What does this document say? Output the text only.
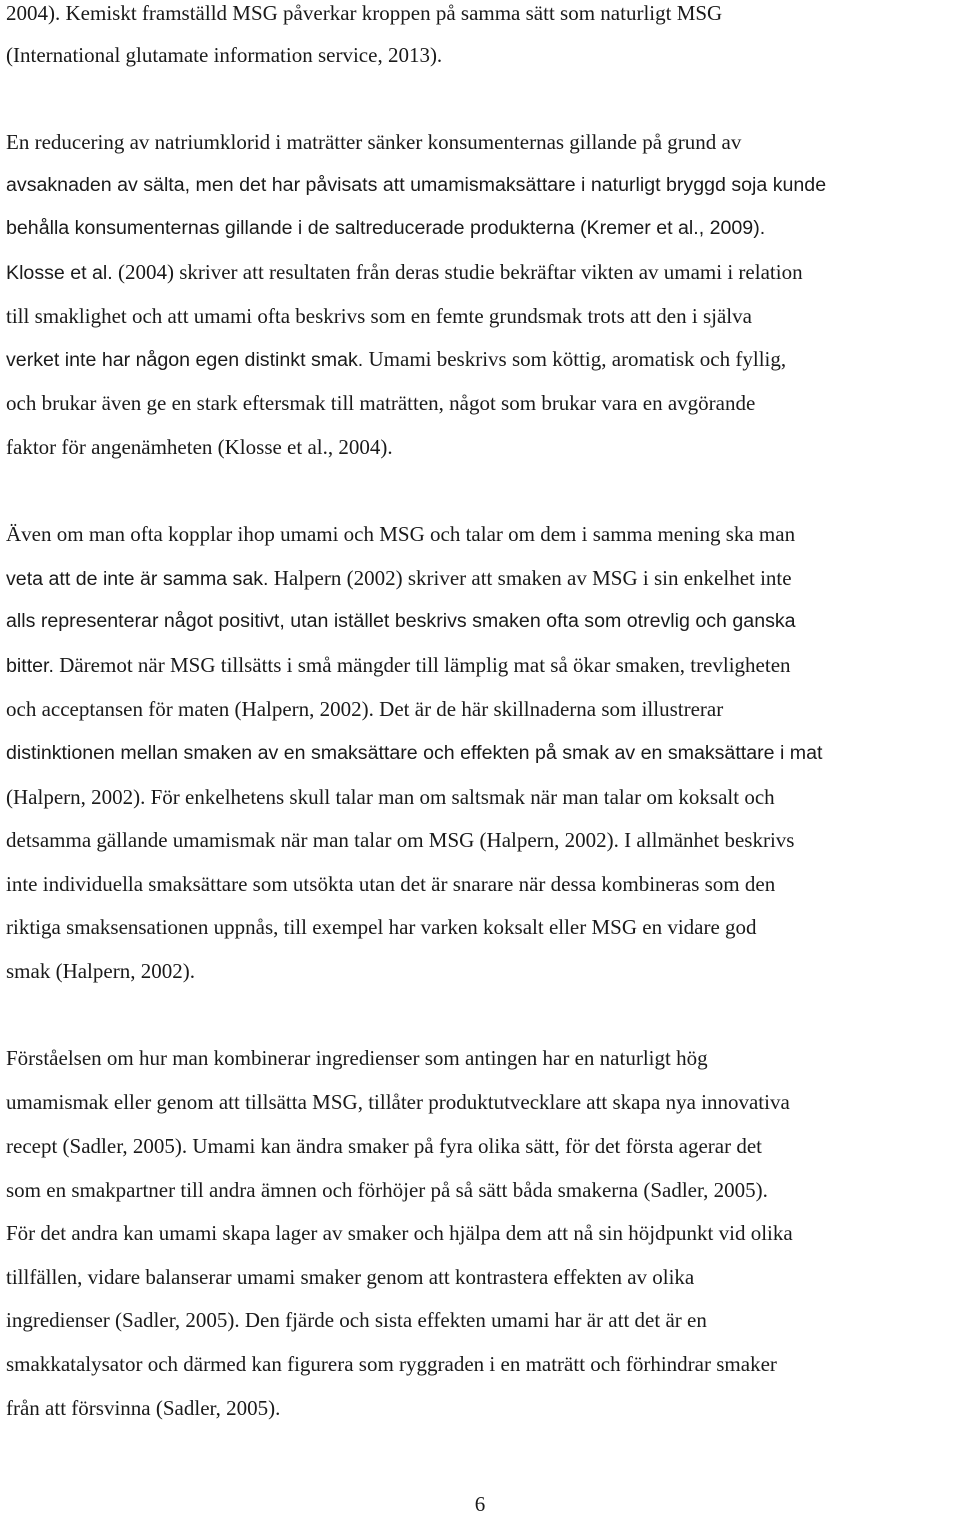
2004). Kemiskt framställd MSG påverkar kroppen på samma sätt som naturligt MSG
(International glutamate information service, 2013).
En reducering av natriumklorid i maträtter sänker konsumenternas gillande på grund av
avsaknaden av sälta, men det har påvisats att umamismaksättare i naturligt bryggd soja kunde
behålla konsumenternas gillande i de saltreducerade produkterna (Kremer et al., 2009).
Klosse et al. (2004) skriver att resultaten från deras studie bekräftar vikten av umami i relation
till smaklighet och att umami ofta beskrivs som en femte grundsmak trots att den i själva
verket inte har någon egen distinkt smak. Umami beskrivs som köttig, aromatisk och fyllig,
och brukar även ge en stark eftersmak till maträtten, något som brukar vara en avgörande
faktor för angenämheten (Klosse et al., 2004).
Även om man ofta kopplar ihop umami och MSG och talar om dem i samma mening ska man
veta att de inte är samma sak. Halpern (2002) skriver att smaken av MSG i sin enkelhet inte
alls representerar något positivt, utan istället beskrivs smaken ofta som otrevlig och ganska
bitter. Däremot när MSG tillsätts i små mängder till lämplig mat så ökar smaken, trevligheten
och acceptansen för maten (Halpern, 2002). Det är de här skillnaderna som illustrerar
distinktionen mellan smaken av en smaksättare och effekten på smak av en smaksättare i mat
(Halpern, 2002). För enkelhetens skull talar man om saltsmak när man talar om koksalt och
detsamma gällande umamismak när man talar om MSG (Halpern, 2002). I allmänhet beskrivs
inte individuella smaksättare som utsökta utan det är snarare när dessa kombineras som den
riktiga smaksensationen uppnås, till exempel har varken koksalt eller MSG en vidare god
smak (Halpern, 2002).
Förståelsen om hur man kombinerar ingredienser som antingen har en naturligt hög
umamismak eller genom att tillsätta MSG, tillåter produktutvecklare att skapa nya innovativa
recept (Sadler, 2005). Umami kan ändra smaker på fyra olika sätt, för det första agerar det
som en smakpartner till andra ämnen och förhöjer på så sätt båda smakerna (Sadler, 2005).
För det andra kan umami skapa lager av smaker och hjälpa dem att nå sin höjdpunkt vid olika
tillfällen, vidare balanserar umami smaker genom att kontrastera effekten av olika
ingredienser (Sadler, 2005). Den fjärde och sista effekten umami har är att det är en
smakkatalysator och därmed kan figurera som ryggraden i en maträtt och förhindrar smaker
från att försvinna (Sadler, 2005).
6
